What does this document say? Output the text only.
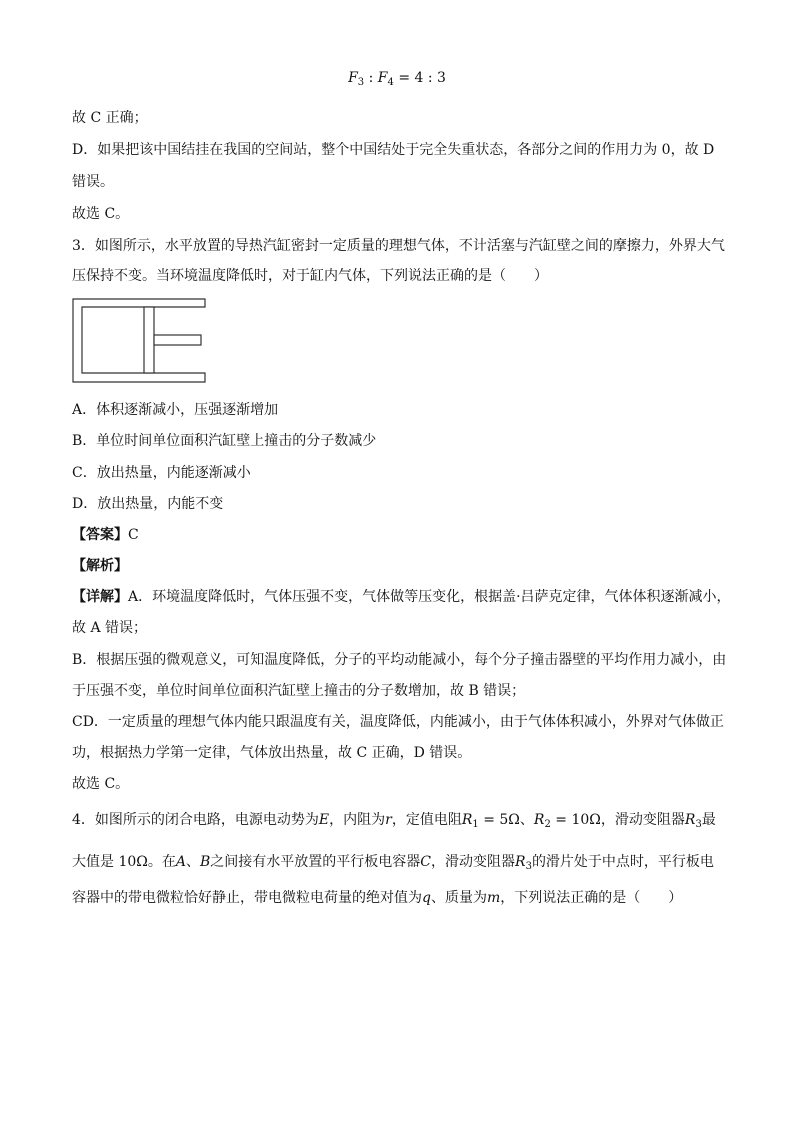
$F_3$ : $F_4 = 4$ : 3
故 C 正确；
D．如果把该中国结挂在我国的空间站，整个中国结处于完全失重状态，各部分之间的作用力为 0，故 D
错误。
故选 C。
3．如图所示，水平放置的导热汽缸密封一定质量的理想气体，不计活塞与汽缸壁之间的摩擦力，外界大气
压保持不变。当环境温度降低时，对于缸内气体，下列说法正确的是（　　）
A．体积逐渐减小，压强逐渐增加
B．单位时间单位面积汽缸壁上撞击的分子数减少
C．放出热量，内能逐渐减小
D．放出热量，内能不变
【答案】C
【解析】
【详解】A．环境温度降低时，气体压强不变，气体做等压变化，根据盖·吕萨克定律，气体体积逐渐减小，
故 A 错误；
B．根据压强的微观意义，可知温度降低，分子的平均动能减小，每个分子撞击器壁的平均作用力减小，由
于压强不变，单位时间单位面积汽缸壁上撞击的分子数增加，故 B 错误；
CD．一定质量的理想气体内能只跟温度有关，温度降低，内能减小，由于气体体积减小，外界对气体做正
功，根据热力学第一定律，气体放出热量，故 C 正确，D 错误。
故选 C。
4．如图所示的闭合电路，电源电动势为E，内阻为r，定值电阻$R_1 = 5\Omega$、$R_2 = 10\Omega$，滑动变阻器$R_3$最
大值是 10Ω。在A、B之间接有水平放置的平行板电容器C，滑动变阻器$R_3$的滑片处于中点时，平行板电
容器中的带电微粒恰好静止，带电微粒电荷量的绝对值为q、质量为m，下列说法正确的是（　　）
